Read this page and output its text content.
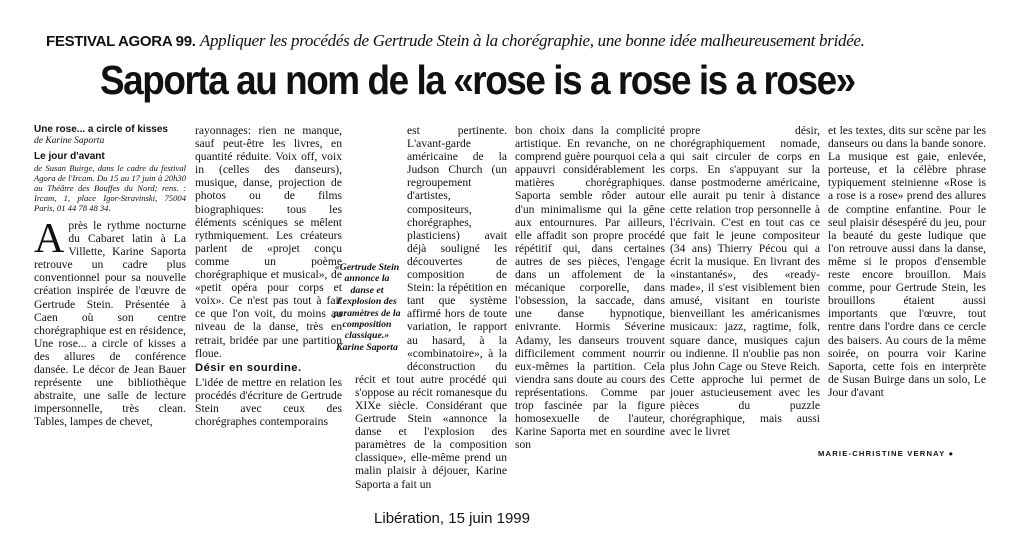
FESTIVAL AGORA 99. Appliquer les procédés de Gertrude Stein à la chorégraphie, une bonne idée malheureusement bridée.
Saporta au nom de la «rose is a rose is a rose»
Une rose... a circle of kisses
de Karine Saporta
Le jour d'avant
de Susan Buirge, dans le cadre du festival Agora de l'Ircam. Du 15 au 17 juin à 20h30 au Théâtre des Bouffes du Nord; rens. : Ircam, 1, place Igor-Stravinski, 75004 Paris, 01 44 78 48 34.
A près le rythme nocturne du Cabaret latin à La Villette, Karine Saporta retrouve un cadre plus conventionnel pour sa nouvelle création inspirée de l'œuvre de Gertrude Stein. Présentée à Caen où son centre chorégraphique est en résidence, Une rose... a circle of kisses a des allures de conférence dansée. Le décor de Jean Bauer représente une bibliothèque abstraite, une salle de lecture impersonnelle, très clean. Tables, lampes de chevet,
rayonnages: rien ne manque, sauf peut-être les livres, en quantité réduite. Voix off, voix in (celles des danseurs), musique, danse, projection de photos ou de films biographiques: tous les éléments scéniques se mêlent rythmiquement. Les créateurs parlent de «projet conçu comme un poème chorégraphique et musical», de «petit opéra pour corps et voix». Ce n'est pas tout à fait ce que l'on voit, du moins au niveau de la danse, très en retrait, bridée par une partition floue.
Désir en sourdine.
L'idée de mettre en relation les procédés d'écriture de Gertrude Stein avec ceux des chorégraphes contemporains
est pertinente. L'avant-garde américaine de la Judson Church (un regroupement d'artistes, compositeurs, chorégraphes, plasticiens) avait déjà souligné les découvertes de composition de Stein: la répétition en tant que système affirmé hors de toute variation, le rapport au hasard, à la «combinatoire», à la déconstruction du récit et tout autre procédé qui s'oppose au récit romanesque du XIXe siècle. Considérant que Gertrude Stein «annonce la danse et l'explosion des paramètres de la composition classique», elle-même prend un malin plaisir à déjouer, Karine Saporta a fait un
«Gertrude Stein annonce la danse et l'explosion des paramètres de la composition classique.» Karine Saporta
bon choix dans la complicité artistique. En revanche, on ne comprend guère pourquoi cela a appauvri considérablement les matières chorégraphiques. Saporta semble rôder autour d'un minimalisme qui la gêne aux entournures. Par ailleurs, elle affadit son propre procédé répétitif qui, dans certaines autres de ses pièces, l'engage dans un affolement de la mécanique corporelle, dans l'obsession, la saccade, dans une danse hypnotique, enivrante. Hormis Séverine Adamy, les danseurs trouvent difficilement comment nourrir eux-mêmes la partition. Cela viendra sans doute au cours des représentations. Comme par trop fascinée par la figure homosexuelle de l'auteur, Karine Saporta met en sourdine son
propre désir, chorégraphiquement nomade, qui sait circuler de corps en corps. En s'appuyant sur la danse postmoderne américaine, elle aurait pu tenir à distance cette relation trop personnelle à l'écrivain. C'est en tout cas ce que fait le jeune compositeur (34 ans) Thierry Pécou qui a écrit la musique. En livrant des «instantanés», des «ready-made», il s'est visiblement bien amusé, visitant en touriste bienveillant les américanismes musicaux: jazz, ragtime, folk, square dance, musiques cajun ou indienne. Il n'oublie pas non plus John Cage ou Steve Reich. Cette approche lui permet de jouer astucieusement avec les pièces du puzzle chorégraphique, mais aussi avec le livret
et les textes, dits sur scène par les danseurs ou dans la bande sonore. La musique est gaie, enlevée, porteuse, et la célèbre phrase typiquement steinienne «Rose is a rose is a rose» prend des allures de comptine enfantine. Pour le seul plaisir désespéré du jeu, pour la beauté du geste ludique que l'on retrouve aussi dans la danse, même si le propos d'ensemble reste encore brouillon. Mais comme, pour Gertrude Stein, les brouillons étaient aussi importants que l'œuvre, tout rentre dans l'ordre dans ce cercle des baisers. Au cours de la même soirée, on pourra voir Karine Saporta, cette fois en interprète de Susan Buirge dans un solo, Le Jour d'avant
MARIE-CHRISTINE VERNAY ●
Libération, 15 juin 1999
